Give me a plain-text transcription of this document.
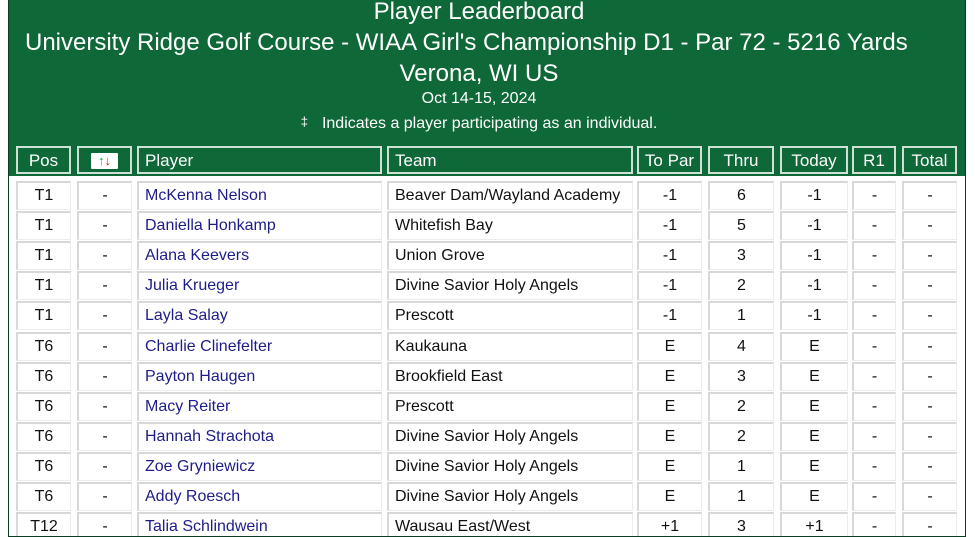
Player Leaderboard
University Ridge Golf Course - WIAA Girl's Championship D1 - Par 72 - 5216 Yards
Verona, WI US
Oct 14-15, 2024
‡ Indicates a player participating as an individual.
Pos	↑↓	Player	Team	To Par	Thru	Today	R1	Total
T1	-	McKenna Nelson	Beaver Dam/Wayland Academy	-1	6	-1	-	-
T1	-	Daniella Honkamp	Whitefish Bay	-1	5	-1	-	-
T1	-	Alana Keevers	Union Grove	-1	3	-1	-	-
T1	-	Julia Krueger	Divine Savior Holy Angels	-1	2	-1	-	-
T1	-	Layla Salay	Prescott	-1	1	-1	-	-
T6	-	Charlie Clinefelter	Kaukauna	E	4	E	-	-
T6	-	Payton Haugen	Brookfield East	E	3	E	-	-
T6	-	Macy Reiter	Prescott	E	2	E	-	-
T6	-	Hannah Strachota	Divine Savior Holy Angels	E	2	E	-	-
T6	-	Zoe Gryniewicz	Divine Savior Holy Angels	E	1	E	-	-
T6	-	Addy Roesch	Divine Savior Holy Angels	E	1	E	-	-
T12	-	Talia Schlindwein	Wausau East/West	+1	3	+1	-	-
